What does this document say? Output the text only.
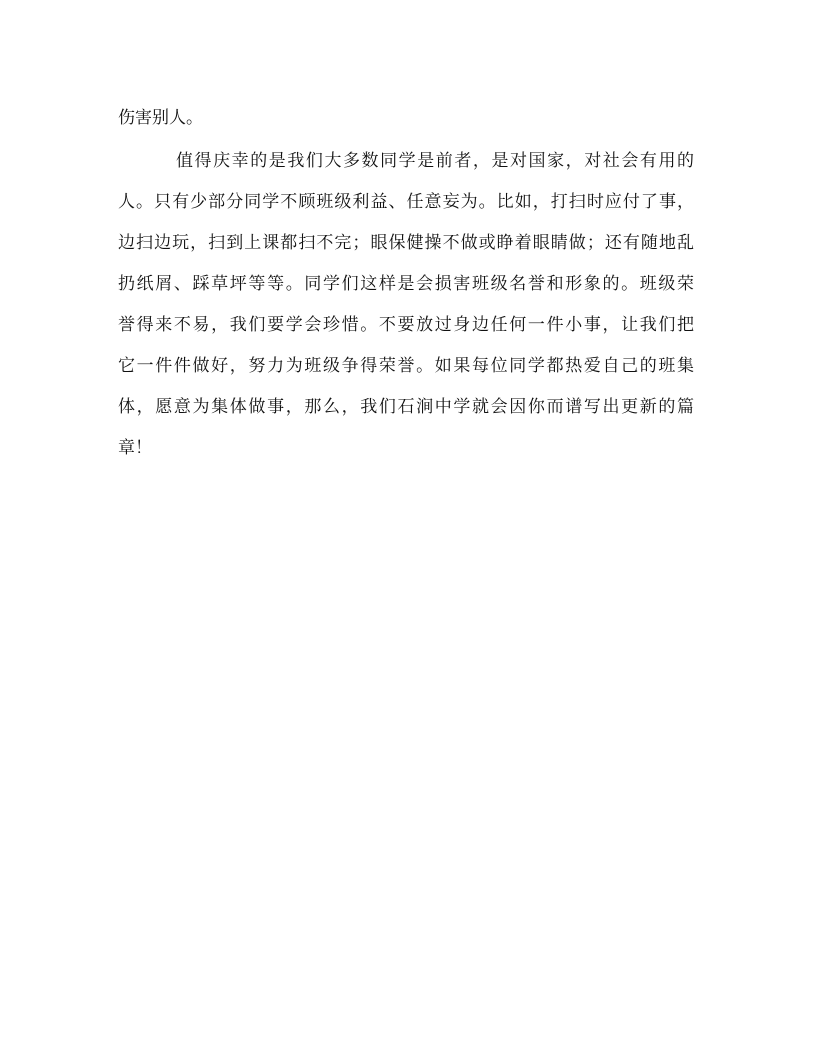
伤害别人。
值得庆幸的是我们大多数同学是前者，是对国家，对社会有用的
人。只有少部分同学不顾班级利益、任意妄为。比如，打扫时应付了事，
边扫边玩，扫到上课都扫不完；眼保健操不做或睁着眼睛做；还有随地乱
扔纸屑、踩草坪等等。同学们这样是会损害班级名誉和形象的。班级荣
誉得来不易，我们要学会珍惜。不要放过身边任何一件小事，让我们把
它一件件做好，努力为班级争得荣誉。如果每位同学都热爱自己的班集
体，愿意为集体做事，那么，我们石涧中学就会因你而谱写出更新的篇
章！
